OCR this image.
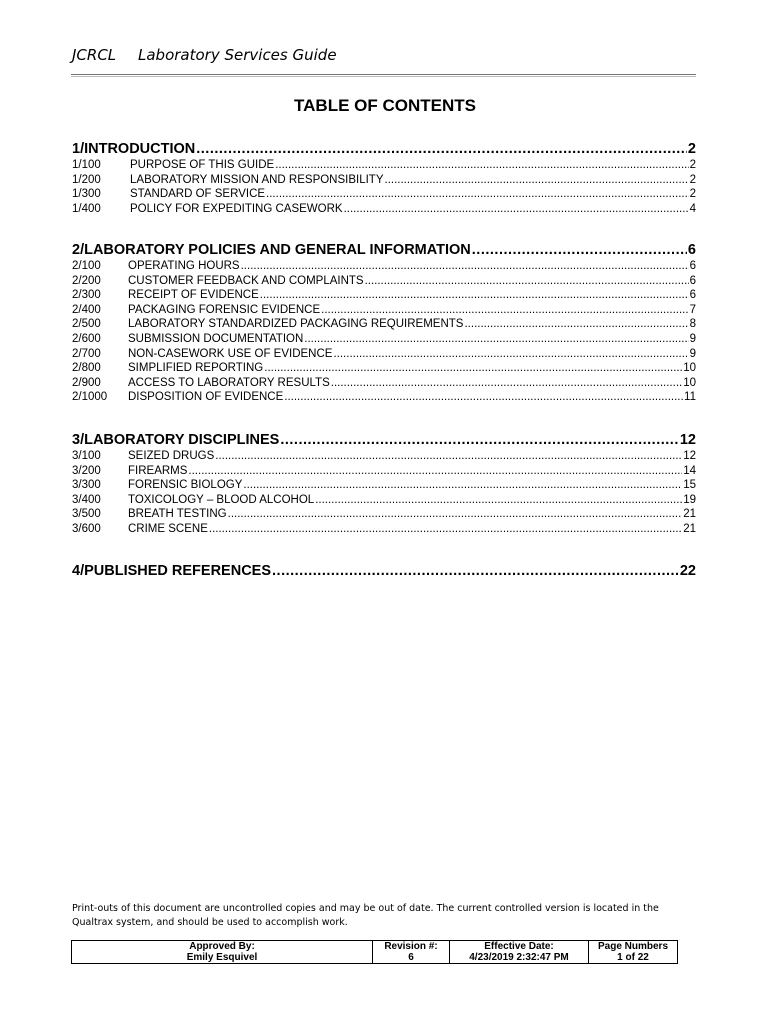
JCRCL Laboratory Services Guide
TABLE OF CONTENTS
1/INTRODUCTION .....	2
1/100	PURPOSE OF THIS GUIDE .....	2
1/200	LABORATORY MISSION AND RESPONSIBILITY .....	2
1/300	STANDARD OF SERVICE .....	2
1/400	POLICY FOR EXPEDITING CASEWORK .....	4
2/LABORATORY POLICIES AND GENERAL INFORMATION .....	6
2/100	OPERATING HOURS .....	6
2/200	CUSTOMER FEEDBACK AND COMPLAINTS .....	6
2/300	RECEIPT OF EVIDENCE .....	6
2/400	PACKAGING FORENSIC EVIDENCE .....	7
2/500	LABORATORY STANDARDIZED PACKAGING REQUIREMENTS .....	8
2/600	SUBMISSION DOCUMENTATION .....	9
2/700	NON-CASEWORK USE OF EVIDENCE .....	9
2/800	SIMPLIFIED REPORTING .....	10
2/900	ACCESS TO LABORATORY RESULTS .....	10
2/1000	DISPOSITION OF EVIDENCE .....	11
3/LABORATORY DISCIPLINES .....	12
3/100	SEIZED DRUGS .....	12
3/200	FIREARMS .....	14
3/300	FORENSIC BIOLOGY .....	15
3/400	TOXICOLOGY – BLOOD ALCOHOL .....	19
3/500	BREATH TESTING .....	21
3/600	CRIME SCENE .....	21
4/PUBLISHED REFERENCES .....	22
Print-outs of this document are uncontrolled copies and may be out of date. The current controlled version is located in the Qualtrax system, and should be used to accomplish work.
Approved By:	Revision #:	Effective Date:	Page Numbers
Emily Esquivel	6	4/23/2019 2:32:47 PM	1 of 22
